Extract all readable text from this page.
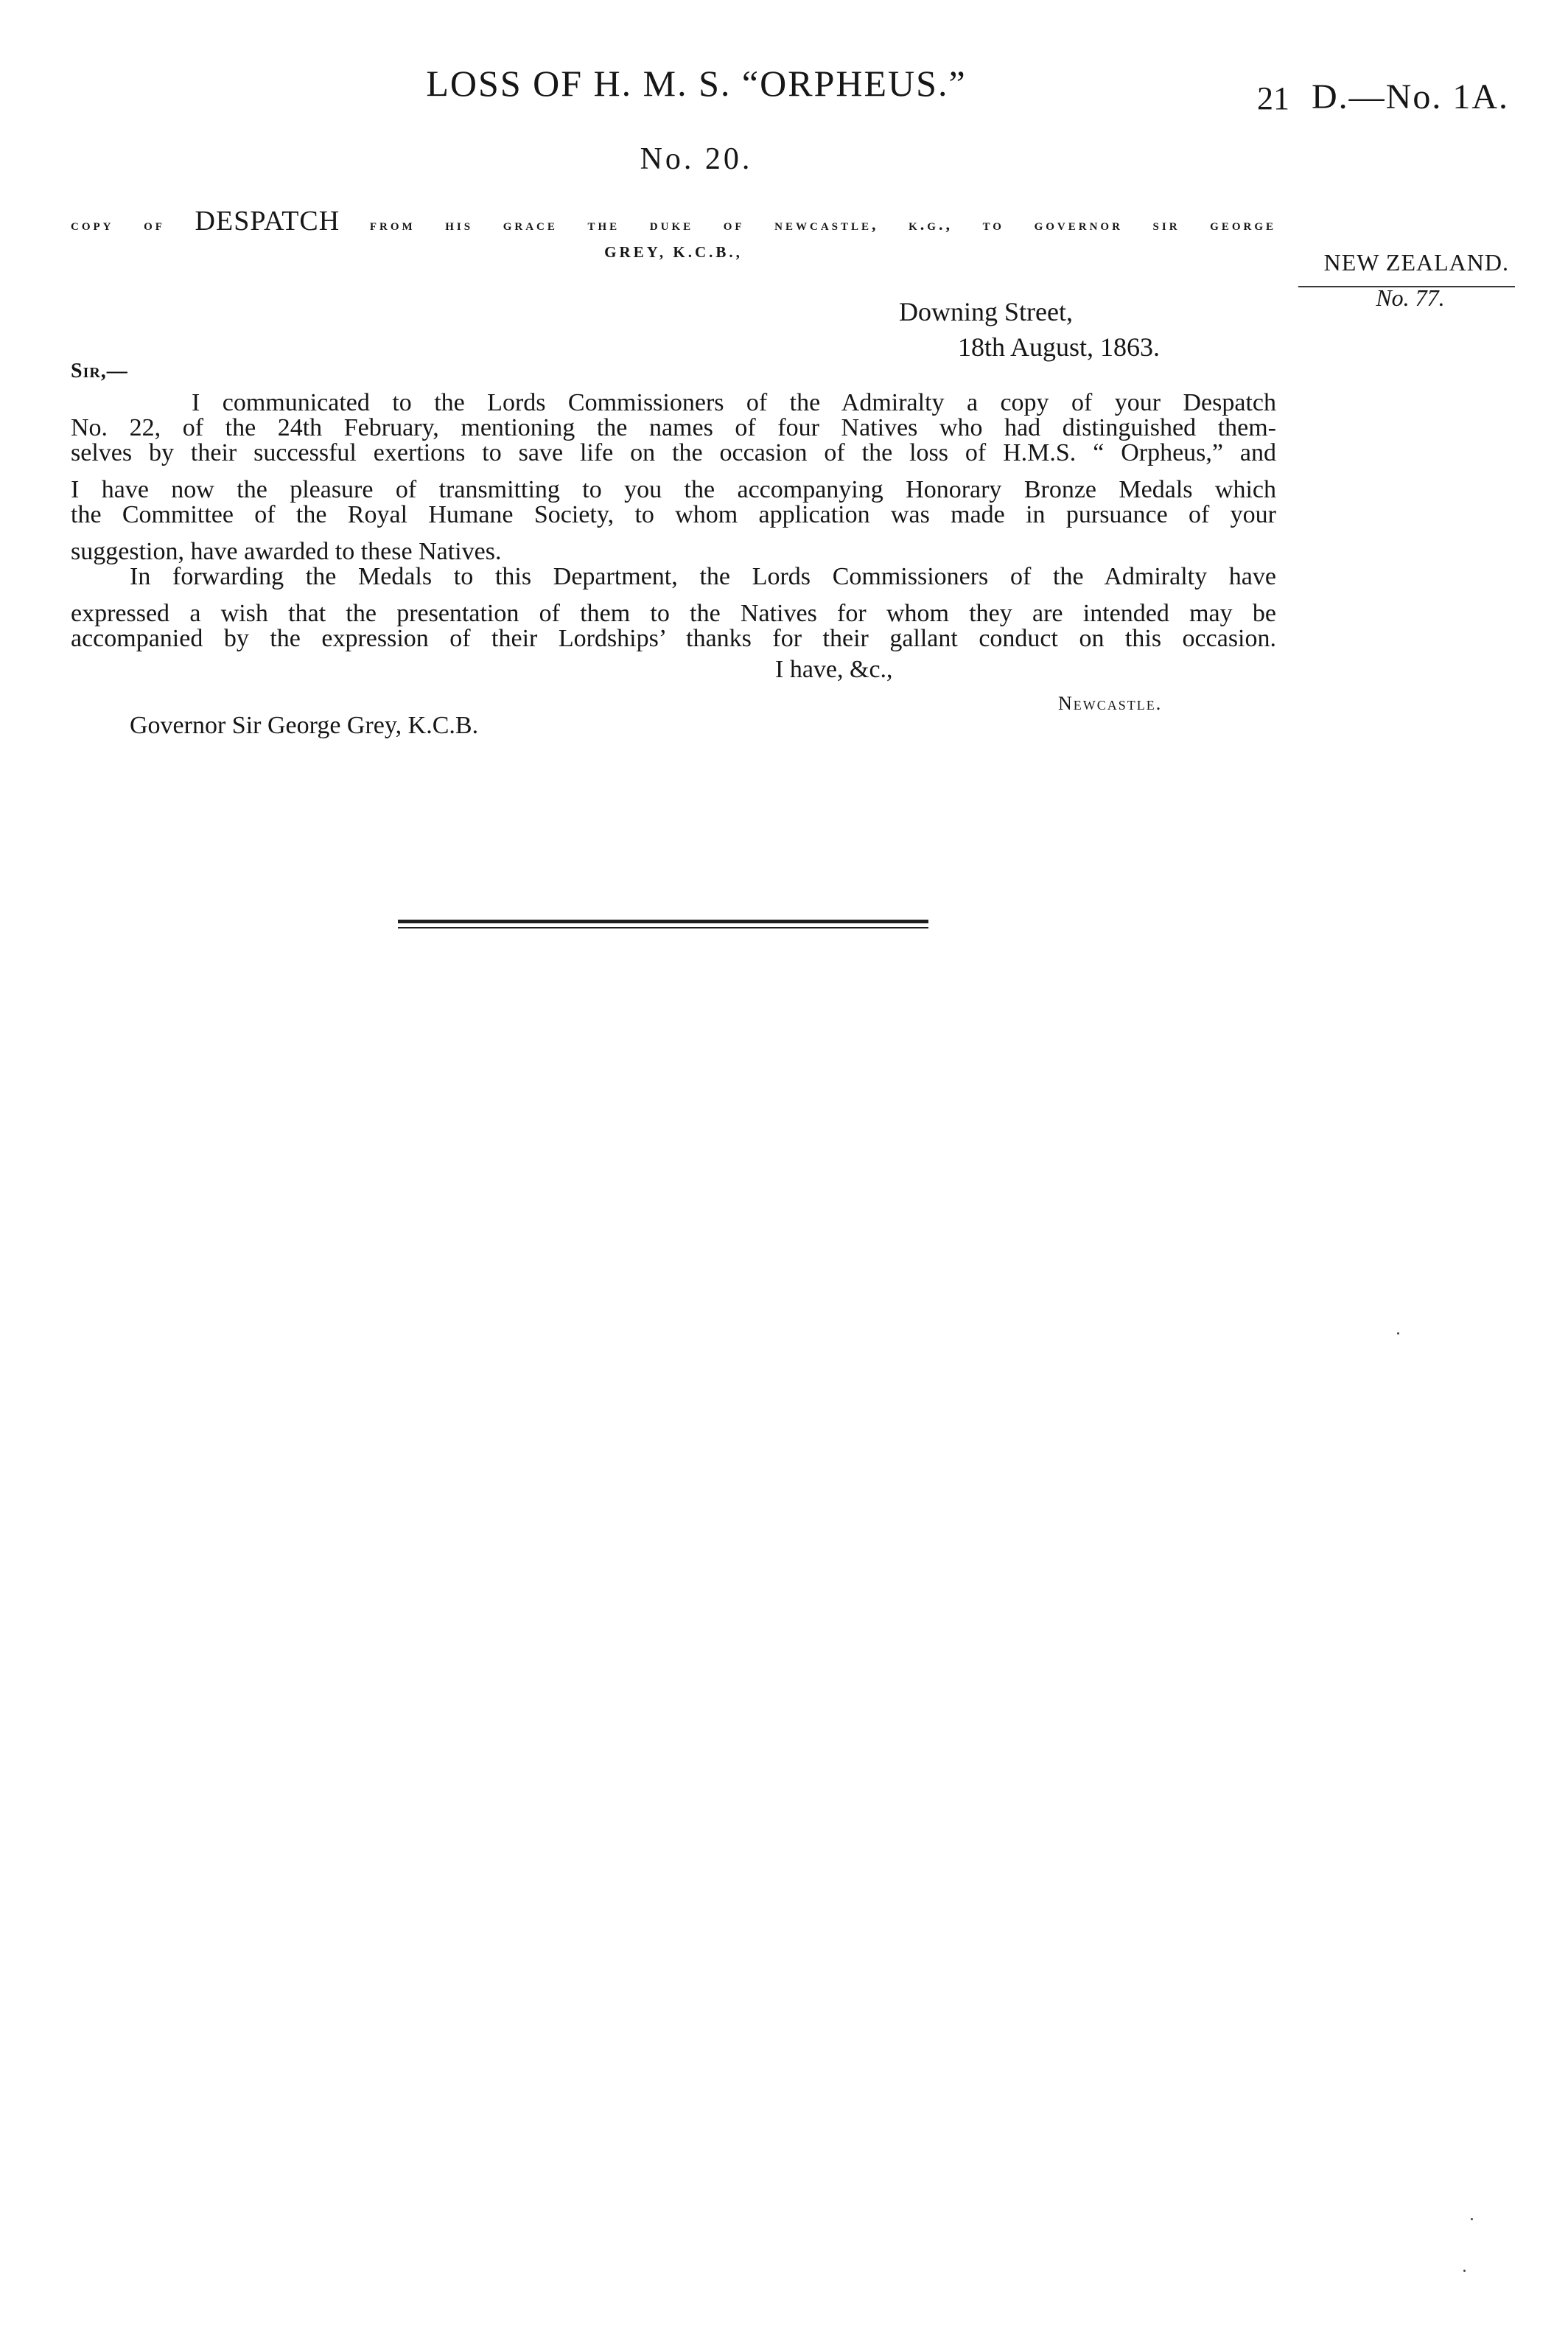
LOSS OF H. M. S. “ORPHEUS.”	21 D.—No. 1A.
No. 20.
copy of DESPATCH from his grace the duke of newcastle, k.g., to governor sir george
GREY, K.C.B.,	NEW ZEALAND.
No. 77.
Downing Street,
18th August, 1863.
Sir,—
I communicated to the Lords Commissioners of the Admiralty a copy of your Despatch
No. 22, of the 24th February, mentioning the names of four Natives who had distinguished them-
selves by their successful exertions to save life on the occasion of the loss of H.M.S. “ Orpheus,” and
I have now the pleasure of transmitting to you the accompanying Honorary Bronze Medals which
the Committee of the Royal Humane Society, to whom application was made in pursuance of your
suggestion, have awarded to these Natives.
In forwarding the Medals to this Department, the Lords Commissioners of the Admiralty have
expressed a wish that the presentation of them to the Natives for whom they are intended may be
accompanied by the expression of their Lordships’ thanks for their gallant conduct on this occasion.
I have, &c.,
Newcastle.
Governor Sir George Grey, K.C.B.
